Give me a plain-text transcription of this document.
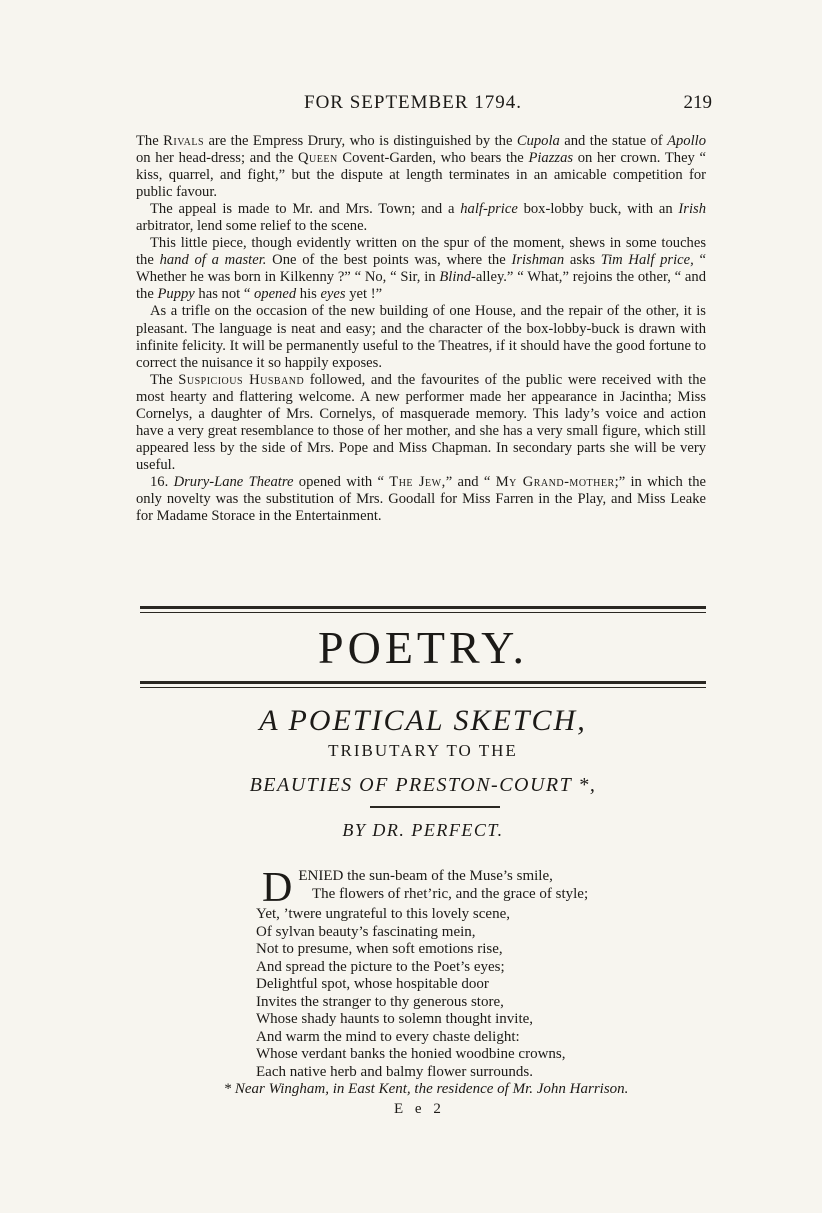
FOR SEPTEMBER 1794.	219

The Rivals are the Empress Drury, who is distinguished by the Cupola and the statue of Apollo on her head-dress; and the Queen Covent-Garden, who bears the Piazzas on her crown. They “ kiss, quarrel, and fight,” but the dispute at length terminates in an amicable competition for public favour.

The appeal is made to Mr. and Mrs. Town; and a half-price box-lobby buck, with an Irish arbitrator, lend some relief to the scene.

This little piece, though evidently written on the spur of the moment, shews in some touches the hand of a master. One of the best points was, where the Irishman asks Tim Half price, “ Whether he was born in Kilkenny ?” “ No, “ Sir, in Blind-alley.” “ What,” rejoins the other, “ and the Puppy has not “ opened his eyes yet !”

As a trifle on the occasion of the new building of one House, and the repair of the other, it is pleasant. The language is neat and easy; and the character of the box-lobby-buck is drawn with infinite felicity. It will be permanently useful to the Theatres, if it should have the good fortune to correct the nuisance it so happily exposes.

The Suspicious Husband followed, and the favourites of the public were received with the most hearty and flattering welcome. A new performer made her appearance in Jacintha; Miss Cornelys, a daughter of Mrs. Cornelys, of masquerade memory. This lady’s voice and action have a very great resemblance to those of her mother, and she has a very small figure, which still appeared less by the side of Mrs. Pope and Miss Chapman. In secondary parts she will be very useful.

16. Drury-Lane Theatre opened with “ The Jew,” and “ My Grand-mother;” in which the only novelty was the substitution of Mrs. Goodall for Miss Farren in the Play, and Miss Leake for Madame Storace in the Entertainment.

POETRY.
A POETICAL SKETCH,
TRIBUTARY TO THE
BEAUTIES OF PRESTON-COURT *,
BY DR. PERFECT.
D ENIED the sun-beam of the Muse’s smile,
The flowers of rhet’ric, and the grace of style;
Yet, ’twere ungrateful to this lovely scene,
Of sylvan beauty’s fascinating mein,
Not to presume, when soft emotions rise,
And spread the picture to the Poet’s eyes;
Delightful spot, whose hospitable door
Invites the stranger to thy generous store,
Whose shady haunts to solemn thought invite,
And warm the mind to every chaste delight:
Whose verdant banks the honied woodbine crowns,
Each native herb and balmy flower surrounds.
* Near Wingham, in East Kent, the residence of Mr. John Harrison.
E e 2
